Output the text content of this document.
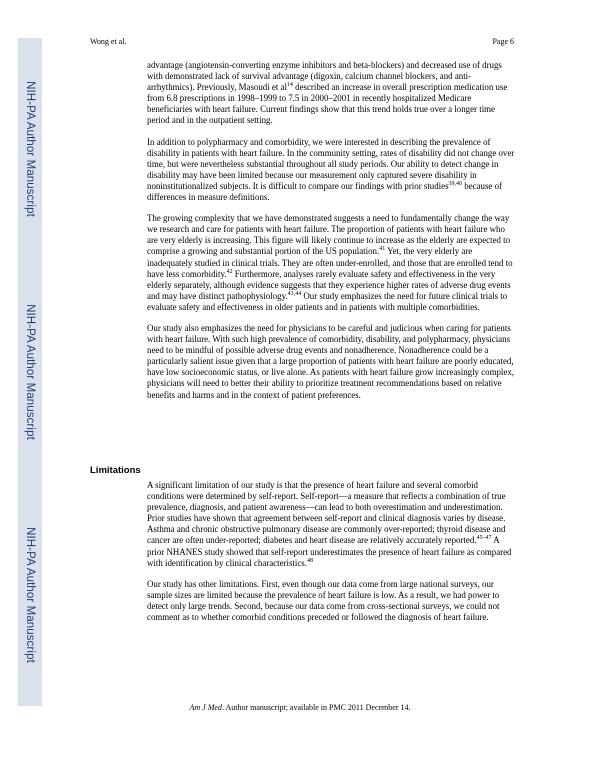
Wong et al.	Page 6
NIH-PA Author Manuscript
NIH-PA Author Manuscript
NIH-PA Author Manuscript

advantage (angiotensin-converting enzyme inhibitors and beta-blockers) and decreased use of drugs with demonstrated lack of survival advantage (digoxin, calcium channel blockers, and anti-arrhythmics). Previously, Masoudi et $al^{14}$ described an increase in overall prescription medication use from 6.8 prescriptions in 1998–1999 to 7.5 in 2000–2001 in recently hospitalized Medicare beneficiaries with heart failure. Current findings show that this trend holds true over a longer time period and in the outpatient setting.

In addition to polypharmacy and comorbidity, we were interested in describing the prevalence of disability in patients with heart failure. In the community setting, rates of disability did not change over time, but were nevertheless substantial throughout all study periods. Our ability to detect change in disability may have been limited because our measurement only captured severe disability in noninstitutionalized subjects. It is difficult to compare our findings with prior studies$^{39,40}$ because of differences in measure definitions.

The growing complexity that we have demonstrated suggests a need to fundamentally change the way we research and care for patients with heart failure. The proportion of patients with heart failure who are very elderly is increasing. This figure will likely continue to increase as the elderly are expected to comprise a growing and substantial portion of the US population.$^{41}$ Yet, the very elderly are inadequately studied in clinical trials. They are often under-enrolled, and those that are enrolled tend to have less comorbidity.$^{42}$ Furthermore, analyses rarely evaluate safety and effectiveness in the very elderly separately, although evidence suggests that they experience higher rates of adverse drug events and may have distinct pathophysiology.$^{43,44}$ Our study emphasizes the need for future clinical trials to evaluate safety and effectiveness in older patients and in patients with multiple comorbidities.

Our study also emphasizes the need for physicians to be careful and judicious when caring for patients with heart failure. With such high prevalence of comorbidity, disability, and polypharmacy, physicians need to be mindful of possible adverse drug events and nonadherence. Nonadherence could be a particularly salient issue given that a large proportion of patients with heart failure are poorly educated, have low socioeconomic status, or live alone. As patients with heart failure grow increasingly complex, physicians will need to better their ability to prioritize treatment recommendations based on relative benefits and harms and in the context of patient preferences.

Limitations

A significant limitation of our study is that the presence of heart failure and several comorbid conditions were determined by self-report. Self-report—a measure that reflects a combination of true prevalence, diagnosis, and patient awareness—can lead to both overestimation and underestimation. Prior studies have shown that agreement between self-report and clinical diagnosis varies by disease. Asthma and chronic obstructive pulmonary disease are commonly over-reported; thyroid disease and cancer are often under-reported; diabetes and heart disease are relatively accurately reported.$^{45-47}$ A prior NHANES study showed that self-report underestimates the presence of heart failure as compared with identification by clinical characteristics.$^{48}$

Our study has other limitations. First, even though our data come from large national surveys, our sample sizes are limited because the prevalence of heart failure is low. As a result, we had power to detect only large trends. Second, because our data come from cross-sectional surveys, we could not comment as to whether comorbid conditions preceded or followed the diagnosis of heart failure.

Am J Med. Author manuscript; available in PMC 2011 December 14.
